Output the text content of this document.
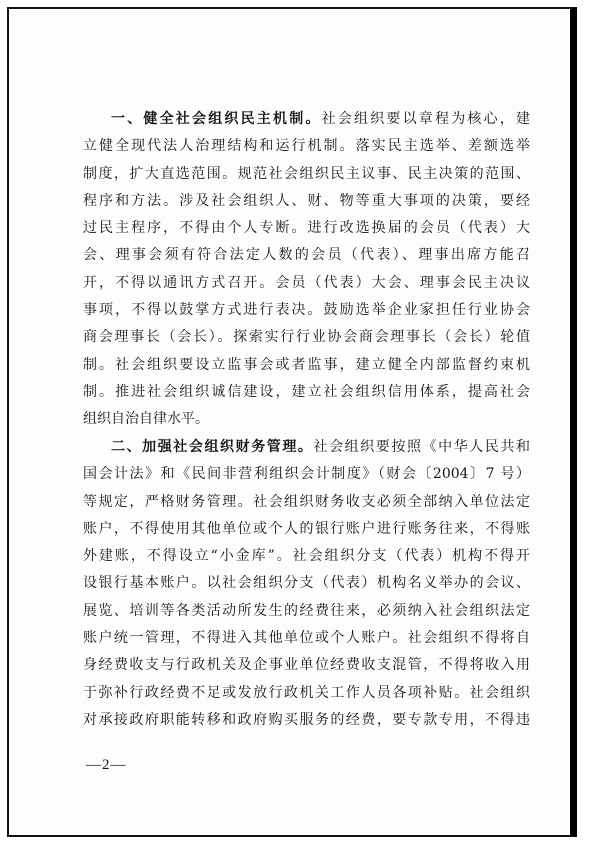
一、健全社会组织民主机制。社会组织要以章程为核心，建
立健全现代法人治理结构和运行机制。落实民主选举、差额选举
制度，扩大直选范围。规范社会组织民主议事、民主决策的范围、
程序和方法。涉及社会组织人、财、物等重大事项的决策，要经
过民主程序，不得由个人专断。进行改选换届的会员（代表）大
会、理事会须有符合法定人数的会员（代表）、理事出席方能召
开，不得以通讯方式召开。会员（代表）大会、理事会民主决议
事项，不得以鼓掌方式进行表决。鼓励选举企业家担任行业协会
商会理事长（会长）。探索实行行业协会商会理事长（会长）轮值
制。社会组织要设立监事会或者监事，建立健全内部监督约束机
制。推进社会组织诚信建设，建立社会组织信用体系，提高社会
组织自治自律水平。
二、加强社会组织财务管理。社会组织要按照《中华人民共和
国会计法》和《民间非营利组织会计制度》（财会〔2004〕7 号）
等规定，严格财务管理。社会组织财务收支必须全部纳入单位法定
账户，不得使用其他单位或个人的银行账户进行账务往来，不得账
外建账，不得设立“小金库”。社会组织分支（代表）机构不得开
设银行基本账户。以社会组织分支（代表）机构名义举办的会议、
展览、培训等各类活动所发生的经费往来，必须纳入社会组织法定
账户统一管理，不得进入其他单位或个人账户。社会组织不得将自
身经费收支与行政机关及企事业单位经费收支混管，不得将收入用
于弥补行政经费不足或发放行政机关工作人员各项补贴。社会组织
对承接政府职能转移和政府购买服务的经费，要专款专用，不得违
—2—
